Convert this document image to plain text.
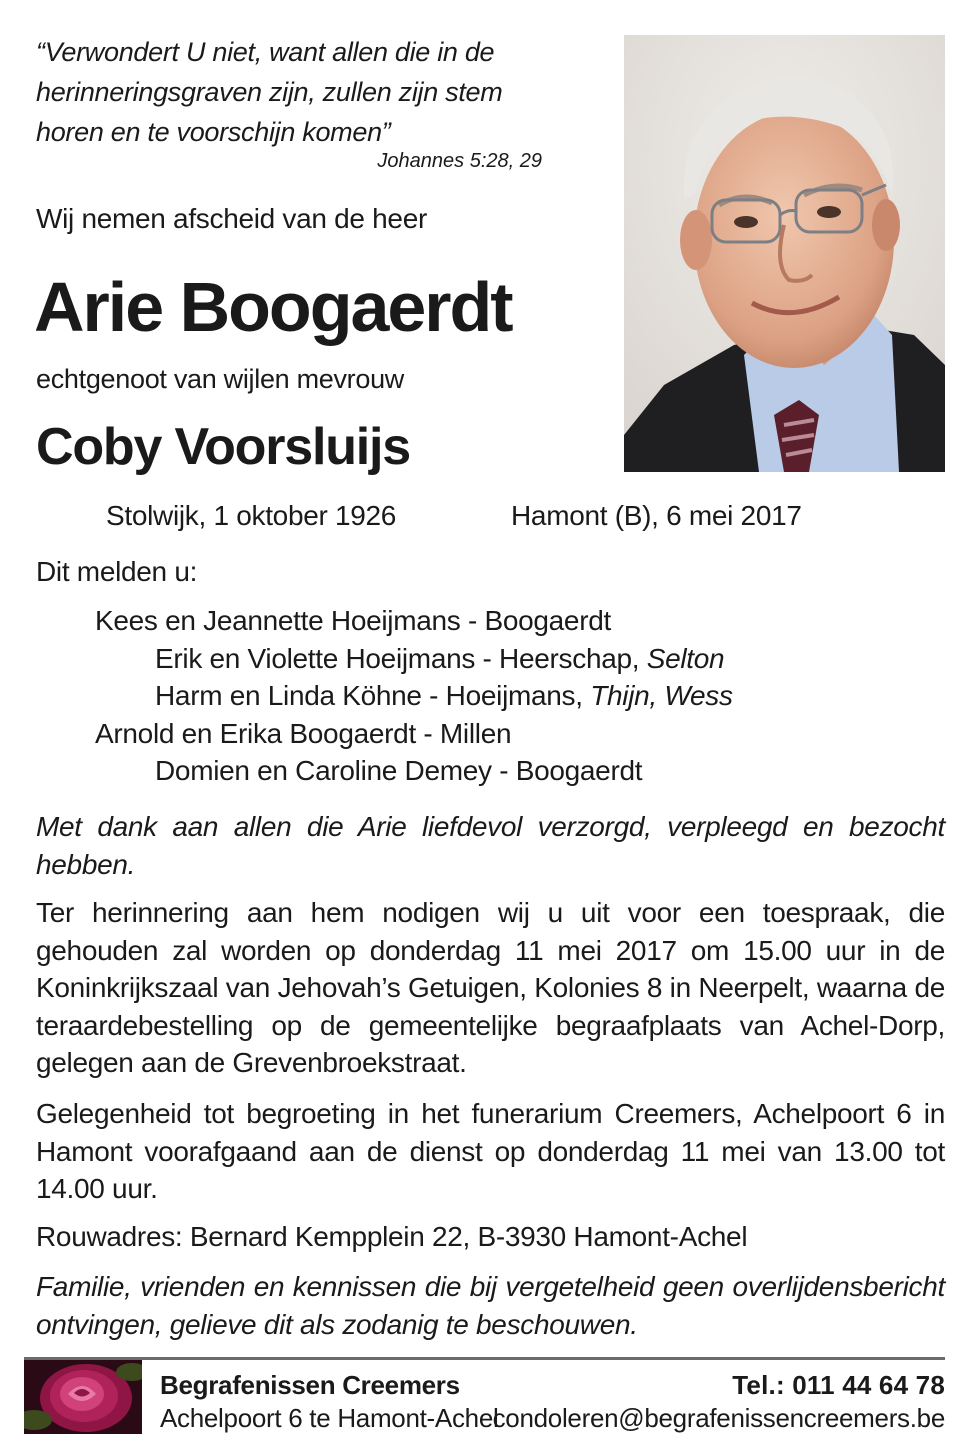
“Verwondert U niet, want allen die in de herinneringsgraven zijn, zullen zijn stem horen en te voorschijn komen”
Johannes 5:28, 29
Wij nemen afscheid van de heer
Arie Boogaerdt
echtgenoot van wijlen mevrouw
Coby Voorsluijs
Stolwijk, 1 oktober 1926	Hamont (B), 6 mei 2017
Dit melden u:
Kees en Jeannette Hoeijmans - Boogaerdt
Erik en Violette Hoeijmans - Heerschap, Selton
Harm en Linda Köhne - Hoeijmans, Thijn, Wess
Arnold en Erika Boogaerdt - Millen
Domien en Caroline Demey - Boogaerdt
Met dank aan allen die Arie liefdevol verzorgd, verpleegd en bezocht hebben.
Ter herinnering aan hem nodigen wij u uit voor een toespraak, die gehouden zal worden op donderdag 11 mei 2017 om 15.00 uur in de Koninkrijkszaal van Jehovah’s Getuigen, Kolonies 8 in Neerpelt, waarna de teraardebestelling op de gemeentelijke begraafplaats van Achel-Dorp, gelegen aan de Grevenbroekstraat.
Gelegenheid tot begroeting in het funerarium Creemers, Achelpoort 6 in Hamont voorafgaand aan de dienst op donderdag 11 mei van 13.00 tot 14.00 uur.
Rouwadres: Bernard Kempplein 22, B-3930 Hamont-Achel
Familie, vrienden en kennissen die bij vergetelheid geen overlijdensbericht ontvingen, gelieve dit als zodanig te beschouwen.
Begrafenissen Creemers
Achelpoort 6 te Hamont-Achel
Tel.: 011 44 64 78
condoleren@begrafenissencreemers.be
